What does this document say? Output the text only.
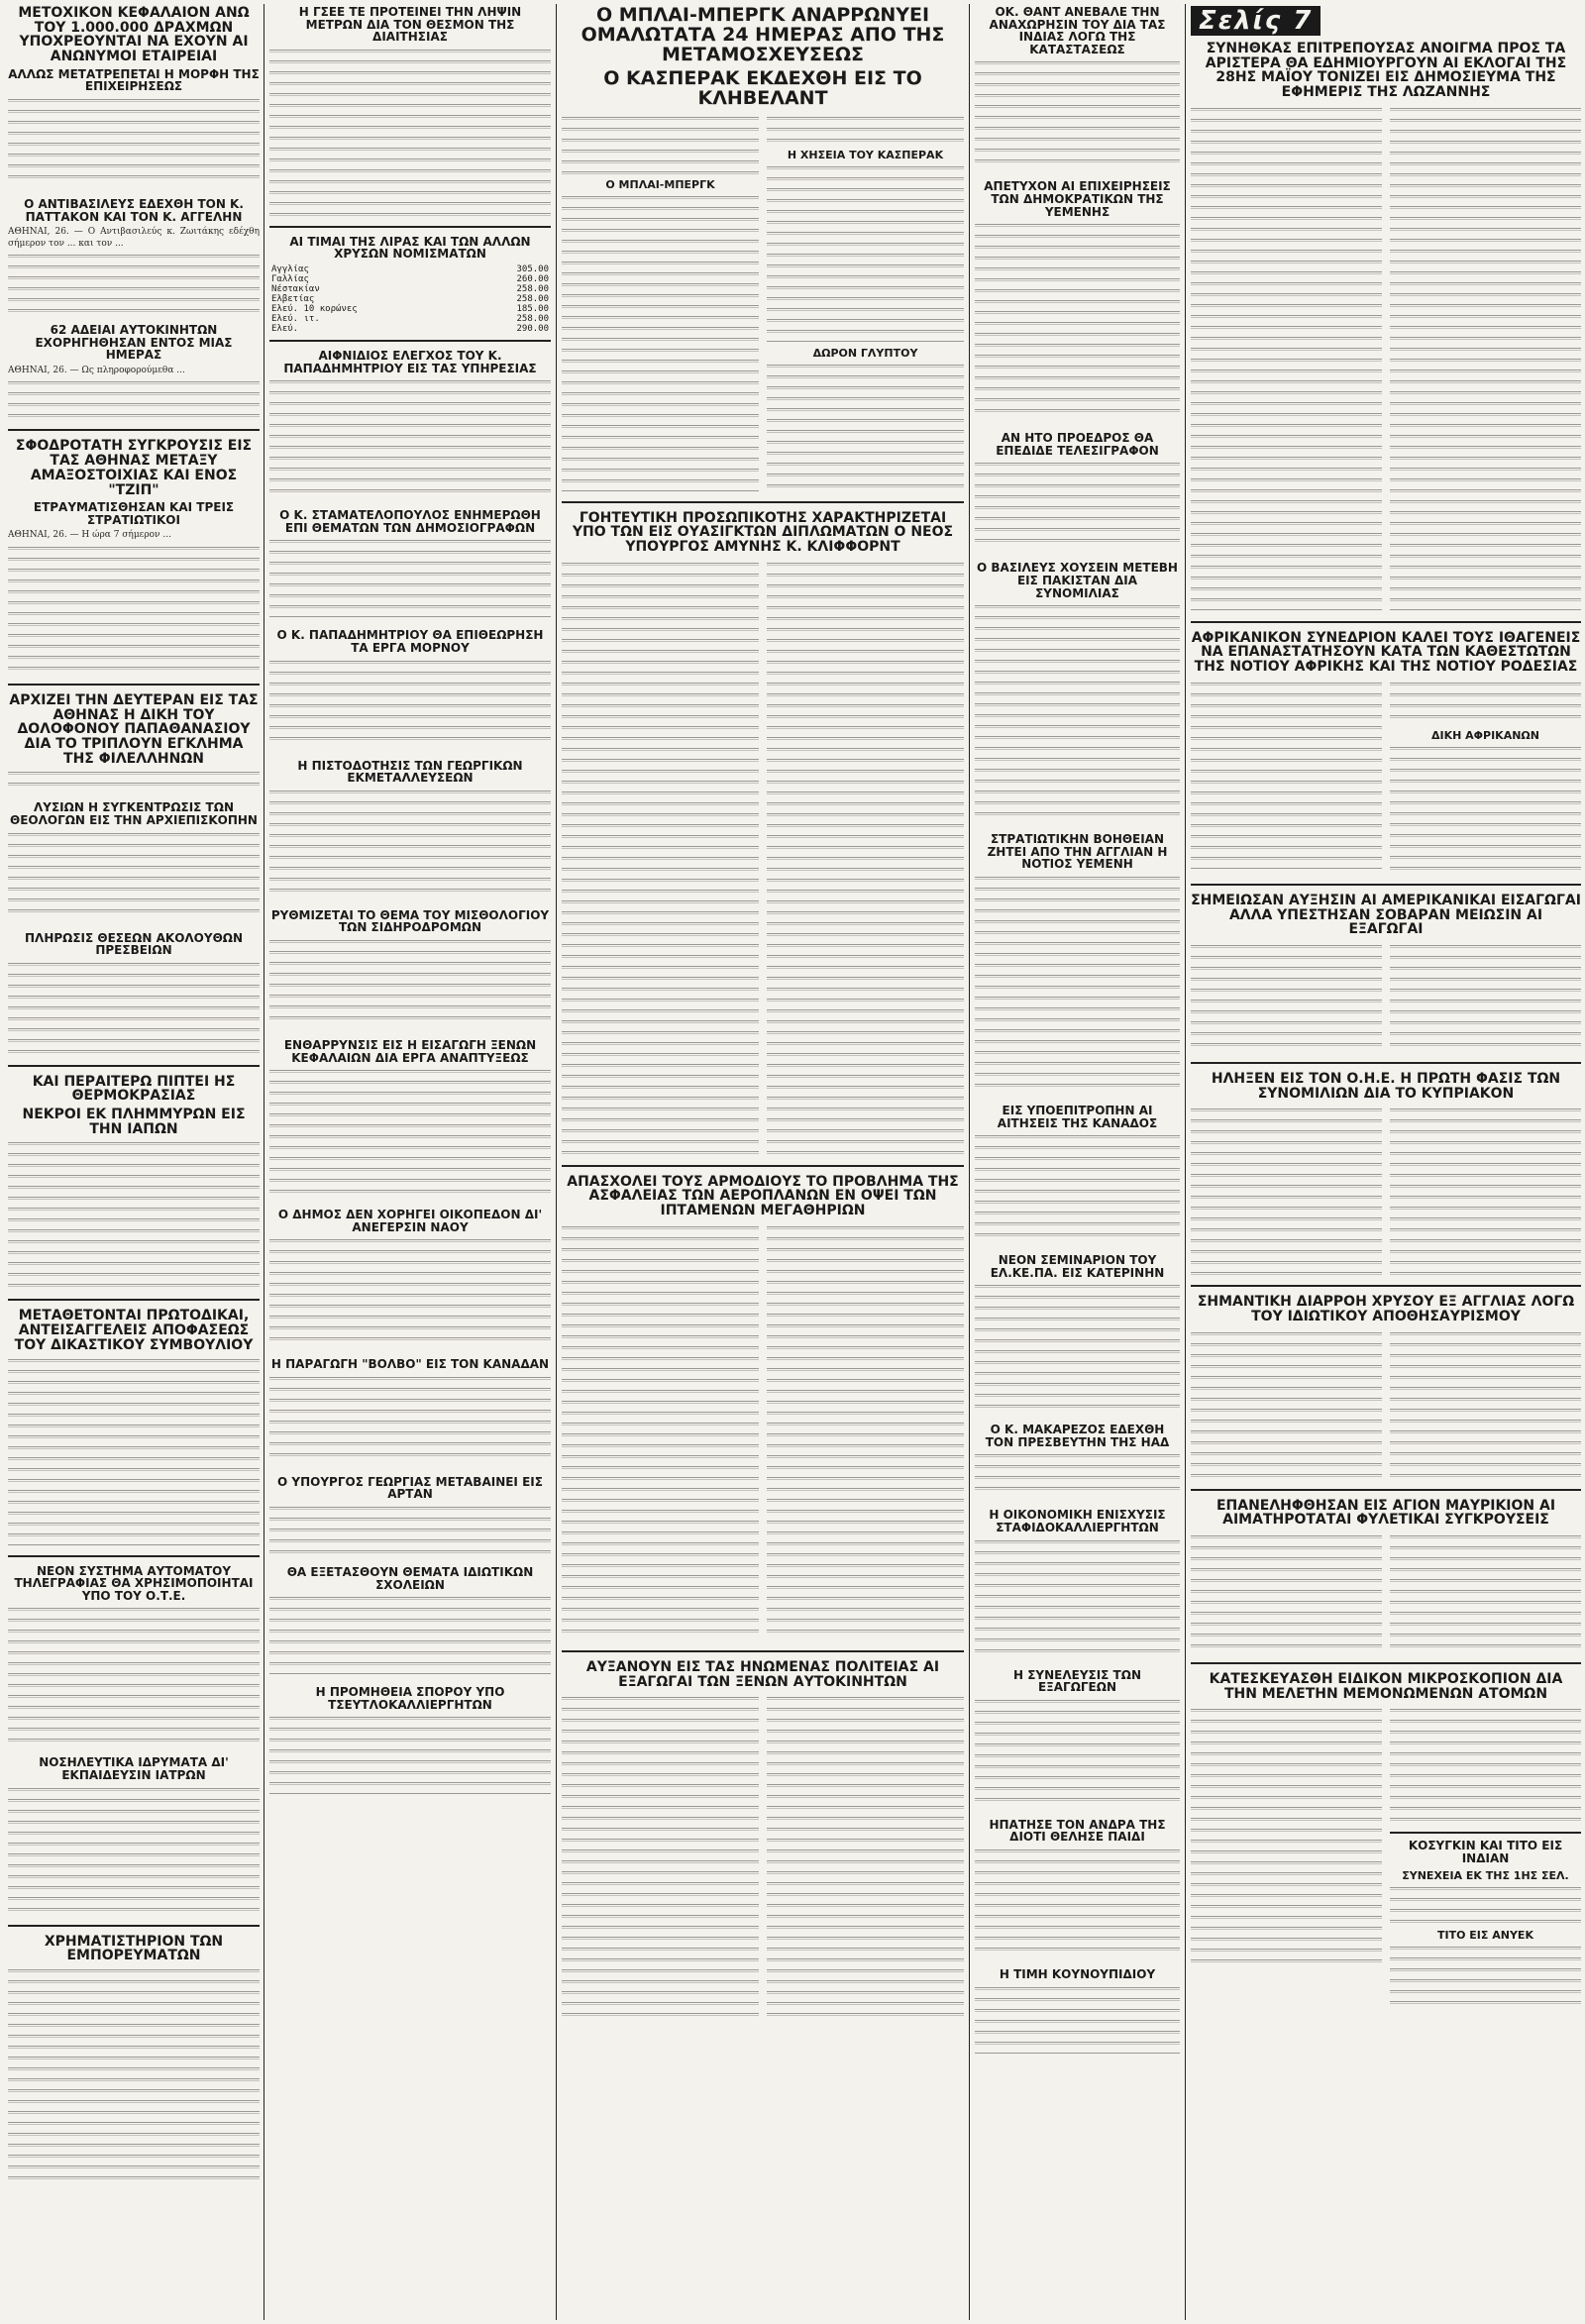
ΜΕΤΟΧΙΚΟΝ ΚΕΦΑΛΑΙΟΝ ΑΝΩ ΤΟΥ 1.000.000 ΔΡΑΧΜΩΝ ΥΠΟΧΡΕΟΥΝΤΑΙ ΝΑ ΕΧΟΥΝ ΑΙ ΑΝΩΝΥΜΟΙ ΕΤΑΙΡΕΙΑΙ
ΑΛΛΩΣ ΜΕΤΑΤΡΕΠΕΤΑΙ Η ΜΟΡΦΗ ΤΗΣ ΕΠΙΧΕΙΡΗΣΕΩΣ
Ο ΑΝΤΙΒΑΣΙΛΕΥΣ ΕΔΕΧΘΗ ΤΟΝ Κ. ΠΑΤΤΑΚΟΝ ΚΑΙ ΤΟΝ Κ. ΑΓΓΕΛΗΝ

ΑΘΗΝΑΙ, 26. — Ο Αντιβασιλεύς κ. Ζωιτάκης εδέχθη σήμερον τον ... και τον ...

62 ΑΔΕΙΑΙ ΑΥΤΟΚΙΝΗΤΩΝ ΕΧΟΡΗΓΗΘΗΣΑΝ ΕΝΤΟΣ ΜΙΑΣ ΗΜΕΡΑΣ

ΑΘΗΝΑΙ, 26. — Ως πληροφορούμεθα ...

ΣΦΟΔΡΟΤΑΤΗ ΣΥΓΚΡΟΥΣΙΣ ΕΙΣ ΤΑΣ ΑΘΗΝΑΣ ΜΕΤΑΞΥ ΑΜΑΞΟΣΤΟΙΧΙΑΣ ΚΑΙ ΕΝΟΣ "ΤΖΙΠ"
ΕΤΡΑΥΜΑΤΙΣΘΗΣΑΝ ΚΑΙ ΤΡΕΙΣ ΣΤΡΑΤΙΩΤΙΚΟΙ

ΑΘΗΝΑΙ, 26. — Η ώρα 7 σήμερον ...

ΑΡΧΙΖΕΙ ΤΗΝ ΔΕΥΤΕΡΑΝ ΕΙΣ ΤΑΣ ΑΘΗΝΑΣ Η ΔΙΚΗ ΤΟΥ ΔΟΛΟΦΟΝΟΥ ΠΑΠΑΘΑΝΑΣΙΟΥ ΔΙΑ ΤΟ ΤΡΙΠΛΟΥΝ ΕΓΚΛΗΜΑ ΤΗΣ ΦΙΛΕΛΛΗΝΩΝ
ΛΥΣΙΩΝ Η ΣΥΓΚΕΝΤΡΩΣΙΣ ΤΩΝ ΘΕΟΛΟΓΩΝ ΕΙΣ ΤΗΝ ΑΡΧΙΕΠΙΣΚΟΠΗΝ
ΠΛΗΡΩΣΙΣ ΘΕΣΕΩΝ ΑΚΟΛΟΥΘΩΝ ΠΡΕΣΒΕΙΩΝ
ΚΑΙ ΠΕΡΑΙΤΕΡΩ ΠΙΠΤΕΙ ΗΣ ΘΕΡΜΟΚΡΑΣΙΑΣ
ΝΕΚΡΟΙ ΕΚ ΠΛΗΜΜΥΡΩΝ ΕΙΣ ΤΗΝ ΙΑΠΩΝ
ΜΕΤΑΘΕΤΟΝΤΑΙ ΠΡΩΤΟΔΙΚΑΙ, ΑΝΤΕΙΣΑΓΓΕΛΕΙΣ ΑΠΟΦΑΣΕΩΣ ΤΟΥ ΔΙΚΑΣΤΙΚΟΥ ΣΥΜΒΟΥΛΙΟΥ
ΝΕΟΝ ΣΥΣΤΗΜΑ ΑΥΤΟΜΑΤΟΥ ΤΗΛΕΓΡΑΦΙΑΣ ΘΑ ΧΡΗΣΙΜΟΠΟΙΗΤΑΙ ΥΠΟ ΤΟΥ Ο.Τ.Ε.
ΝΟΣΗΛΕΥΤΙΚΑ ΙΔΡΥΜΑΤΑ ΔΙ' ΕΚΠΑΙΔΕΥΣΙΝ ΙΑΤΡΩΝ
ΧΡΗΜΑΤΙΣΤΗΡΙΟΝ ΤΩΝ ΕΜΠΟΡΕΥΜΑΤΩΝ
Η ΓΣΕΕ ΤΕ ΠΡΟΤΕΙΝΕΙ ΤΗΝ ΛΗΨΙΝ ΜΕΤΡΩΝ ΔΙΑ ΤΟΝ ΘΕΣΜΟΝ ΤΗΣ ΔΙΑΙΤΗΣΙΑΣ
ΑΙ ΤΙΜΑΙ ΤΗΣ ΛΙΡΑΣ ΚΑΙ ΤΩΝ ΑΛΛΩΝ ΧΡΥΣΩΝ ΝΟΜΙΣΜΑΤΩΝ
Αγγλίας	305.00
Γαλλίας	260.00
Νέστακίαν	258.00
Ελβετίας	258.00
Ελεύ. 10 κορώνες	185.00
Ελεύ. ιτ.	258.00
Ελεύ.	290.00
ΑΙΦΝΙΔΙΟΣ ΕΛΕΓΧΟΣ ΤΟΥ Κ. ΠΑΠΑΔΗΜΗΤΡΙΟΥ ΕΙΣ ΤΑΣ ΥΠΗΡΕΣΙΑΣ
Ο Κ. ΣΤΑΜΑΤΕΛΟΠΟΥΛΟΣ ΕΝΗΜΕΡΩΘΗ ΕΠΙ ΘΕΜΑΤΩΝ ΤΩΝ ΔΗΜΟΣΙΟΓΡΑΦΩΝ
Ο Κ. ΠΑΠΑΔΗΜΗΤΡΙΟΥ ΘΑ ΕΠΙΘΕΩΡΗΣΗ ΤΑ ΕΡΓΑ ΜΟΡΝΟΥ
Η ΠΙΣΤΟΔΟΤΗΣΙΣ ΤΩΝ ΓΕΩΡΓΙΚΩΝ ΕΚΜΕΤΑΛΛΕΥΣΕΩΝ
ΡΥΘΜΙΖΕΤΑΙ ΤΟ ΘΕΜΑ ΤΟΥ ΜΙΣΘΟΛΟΓΙΟΥ ΤΩΝ ΣΙΔΗΡΟΔΡΟΜΩΝ
ΕΝΘΑΡΡΥΝΣΙΣ ΕΙΣ Η ΕΙΣΑΓΩΓΗ ΞΕΝΩΝ ΚΕΦΑΛΑΙΩΝ ΔΙΑ ΕΡΓΑ ΑΝΑΠΤΥΞΕΩΣ
Ο ΔΗΜΟΣ ΔΕΝ ΧΟΡΗΓΕΙ ΟΙΚΟΠΕΔΟΝ ΔΙ' ΑΝΕΓΕΡΣΙΝ ΝΑΟΥ
Η ΠΑΡΑΓΩΓΗ "ΒΟΛΒΟ" ΕΙΣ ΤΟΝ ΚΑΝΑΔΑΝ
Ο ΥΠΟΥΡΓΟΣ ΓΕΩΡΓΙΑΣ ΜΕΤΑΒΑΙΝΕΙ ΕΙΣ ΑΡΤΑΝ
ΘΑ ΕΞΕΤΑΣΘΟΥΝ ΘΕΜΑΤΑ ΙΔΙΩΤΙΚΩΝ ΣΧΟΛΕΙΩΝ
Η ΠΡΟΜΗΘΕΙΑ ΣΠΟΡΟΥ ΥΠΟ ΤΣΕΥΤΛΟΚΑΛΛΙΕΡΓΗΤΩΝ
Ο ΜΠΛΑΙ-ΜΠΕΡΓΚ ΑΝΑΡΡΩΝΥΕΙ ΟΜΑΛΩΤΑΤΑ 24 ΗΜΕΡΑΣ ΑΠΟ ΤΗΣ ΜΕΤΑΜΟΣΧΕΥΣΕΩΣ
Ο ΚΑΣΠΕΡΑΚ ΕΚΔΕΧΘΗ ΕΙΣ ΤΟ ΚΛΗΒΕΛΑΝΤ
Ο ΜΠΛΑΙ-ΜΠΕΡΓΚ
Η ΧΗΣΕΙΑ ΤΟΥ ΚΑΣΠΕΡΑΚ
ΔΩΡΟΝ ΓΛΥΠΤΟΥ
ΓΟΗΤΕΥΤΙΚΗ ΠΡΟΣΩΠΙΚΟΤΗΣ ΧΑΡΑΚΤΗΡΙΖΕΤΑΙ ΥΠΟ ΤΩΝ ΕΙΣ ΟΥΑΣΙΓΚΤΩΝ ΔΙΠΛΩΜΑΤΩΝ Ο ΝΕΟΣ ΥΠΟΥΡΓΟΣ ΑΜΥΝΗΣ Κ. ΚΛΙΦΦΟΡΝΤ
ΑΠΑΣΧΟΛΕΙ ΤΟΥΣ ΑΡΜΟΔΙΟΥΣ ΤΟ ΠΡΟΒΛΗΜΑ ΤΗΣ ΑΣΦΑΛΕΙΑΣ ΤΩΝ ΑΕΡΟΠΛΑΝΩΝ ΕΝ ΟΨΕΙ ΤΩΝ ΙΠΤΑΜΕΝΩΝ ΜΕΓΑΘΗΡΙΩΝ
ΑΥΞΑΝΟΥΝ ΕΙΣ ΤΑΣ ΗΝΩΜΕΝΑΣ ΠΟΛΙΤΕΙΑΣ ΑΙ ΕΞΑΓΩΓΑΙ ΤΩΝ ΞΕΝΩΝ ΑΥΤΟΚΙΝΗΤΩΝ
ΟΚ. ΘΑΝΤ ΑΝΕΒΑΛΕ ΤΗΝ ΑΝΑΧΩΡΗΣΙΝ ΤΟΥ ΔΙΑ ΤΑΣ ΙΝΔΙΑΣ ΛΟΓΩ ΤΗΣ ΚΑΤΑΣΤΑΣΕΩΣ
ΑΠΕΤΥΧΟΝ ΑΙ ΕΠΙΧΕΙΡΗΣΕΙΣ ΤΩΝ ΔΗΜΟΚΡΑΤΙΚΩΝ ΤΗΣ ΥΕΜΕΝΗΣ
ΑΝ ΗΤΟ ΠΡΟΕΔΡΟΣ ΘΑ ΕΠΕΔΙΔΕ ΤΕΛΕΣΙΓΡΑΦΟΝ
Ο ΒΑΣΙΛΕΥΣ ΧΟΥΣΕΙΝ ΜΕΤΕΒΗ ΕΙΣ ΠΑΚΙΣΤΑΝ ΔΙΑ ΣΥΝΟΜΙΛΙΑΣ
ΣΤΡΑΤΙΩΤΙΚΗΝ ΒΟΗΘΕΙΑΝ ΖΗΤΕΙ ΑΠΟ ΤΗΝ ΑΓΓΛΙΑΝ Η ΝΟΤΙΟΣ ΥΕΜΕΝΗ
ΕΙΣ ΥΠΟΕΠΙΤΡΟΠΗΝ ΑΙ ΑΙΤΗΣΕΙΣ ΤΗΣ ΚΑΝΑΔΟΣ
ΝΕΟΝ ΣΕΜΙΝΑΡΙΟΝ ΤΟΥ ΕΛ.ΚΕ.ΠΑ. ΕΙΣ ΚΑΤΕΡΙΝΗΝ
Ο Κ. ΜΑΚΑΡΕΖΟΣ ΕΔΕΧΘΗ ΤΟΝ ΠΡΕΣΒΕΥΤΗΝ ΤΗΣ ΗΑΔ
Η ΟΙΚΟΝΟΜΙΚΗ ΕΝΙΣΧΥΣΙΣ ΣΤΑΦΙΔΟΚΑΛΛΙΕΡΓΗΤΩΝ
Η ΣΥΝΕΛΕΥΣΙΣ ΤΩΝ ΕΞΑΓΩΓΕΩΝ
ΗΠΑΤΗΣΕ ΤΟΝ ΑΝΔΡΑ ΤΗΣ ΔΙΟΤΙ ΘΕΛΗΣΕ ΠΑΙΔΙ
Η ΤΙΜΗ ΚΟΥΝΟΥΠΙΔΙΟΥ
Σελίς 7
ΣΥΝΗΘΚΑΣ ΕΠΙΤΡΕΠΟΥΣΑΣ ΑΝΟΙΓΜΑ ΠΡΟΣ ΤΑ ΑΡΙΣΤΕΡΑ ΘΑ ΕΔΗΜΙΟΥΡΓΟΥΝ ΑΙ ΕΚΛΟΓΑΙ ΤΗΣ 28ΗΣ ΜΑΪΟΥ ΤΟΝΙΖΕΙ ΕΙΣ ΔΗΜΟΣΙΕΥΜΑ ΤΗΣ ΕΦΗΜΕΡΙΣ ΤΗΣ ΛΩΖΑΝΝΗΣ
ΑΦΡΙΚΑΝΙΚΟΝ ΣΥΝΕΔΡΙΟΝ ΚΑΛΕΙ ΤΟΥΣ ΙΘΑΓΕΝΕΙΣ ΝΑ ΕΠΑΝΑΣΤΑΤΗΣΟΥΝ ΚΑΤΑ ΤΩΝ ΚΑΘΕΣΤΩΤΩΝ ΤΗΣ ΝΟΤΙΟΥ ΑΦΡΙΚΗΣ ΚΑΙ ΤΗΣ ΝΟΤΙΟΥ ΡΟΔΕΣΙΑΣ
ΔΙΚΗ ΑΦΡΙΚΑΝΩΝ
ΣΗΜΕΙΩΣΑΝ ΑΥΞΗΣΙΝ ΑΙ ΑΜΕΡΙΚΑΝΙΚΑΙ ΕΙΣΑΓΩΓΑΙ ΑΛΛΑ ΥΠΕΣΤΗΣΑΝ ΣΟΒΑΡΑΝ ΜΕΙΩΣΙΝ ΑΙ ΕΞΑΓΩΓΑΙ
ΗΛΗΞΕΝ ΕΙΣ ΤΟΝ Ο.Η.Ε. Η ΠΡΩΤΗ ΦΑΣΙΣ ΤΩΝ ΣΥΝΟΜΙΛΙΩΝ ΔΙΑ ΤΟ ΚΥΠΡΙΑΚΟΝ
ΣΗΜΑΝΤΙΚΗ ΔΙΑΡΡΟΗ ΧΡΥΣΟΥ ΕΞ ΑΓΓΛΙΑΣ ΛΟΓΩ ΤΟΥ ΙΔΙΩΤΙΚΟΥ ΑΠΟΘΗΣΑΥΡΙΣΜΟΥ
ΕΠΑΝΕΛΗΦΘΗΣΑΝ ΕΙΣ ΑΓΙΟΝ ΜΑΥΡΙΚΙΟΝ ΑΙ ΑΙΜΑΤΗΡΟΤΑΤΑΙ ΦΥΛΕΤΙΚΑΙ ΣΥΓΚΡΟΥΣΕΙΣ
ΚΑΤΕΣΚΕΥΑΣΘΗ ΕΙΔΙΚΟΝ ΜΙΚΡΟΣΚΟΠΙΟΝ ΔΙΑ ΤΗΝ ΜΕΛΕΤΗΝ ΜΕΜΟΝΩΜΕΝΩΝ ΑΤΟΜΩΝ
ΚΟΣΥΓΚΙΝ ΚΑΙ ΤΙΤΟ ΕΙΣ ΙΝΔΙΑΝ
ΣΥΝΕΧΕΙΑ ΕΚ ΤΗΣ 1ΗΣ ΣΕΛ.
ΤΙΤΟ ΕΙΣ ΑΝΥΕΚ
